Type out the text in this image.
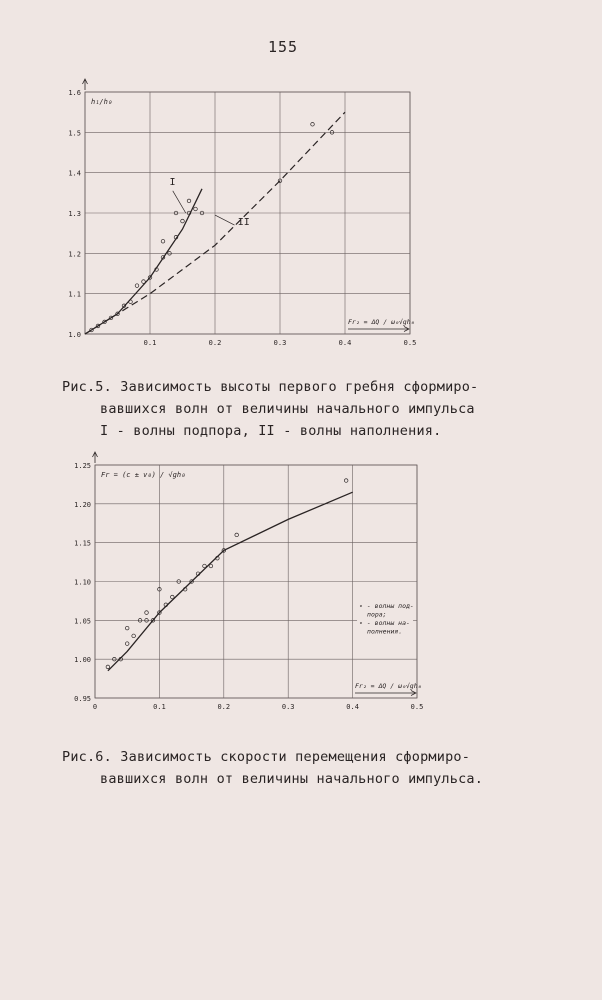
155
1.0
1.1
1.2
1.3
1.4
1.5
1.6
0.1	0.2	0.3	0.4	0.5
h₁/h₀
Fr₂ = ΔQ / ω₀√gh₀
I
II
Рис.5. Зависимость высоты первого гребня сформиро-
вавшихся волн от величины начального импульса
I - волны подпора, II - волны наполнения.
0.95
1.00
1.05
1.10
1.15
1.20
1.25
0	0.1	0.2	0.3	0.4	0.5
Fr = (c ± v₀) / √gh₀
Fr₂ = ΔQ / ω₀√gh₀
∘ - волны под-
пора;
∘ - волны на-
полнения.
Рис.6. Зависимость скорости перемещения сформиро-
вавшихся волн от величины начального импульса.
